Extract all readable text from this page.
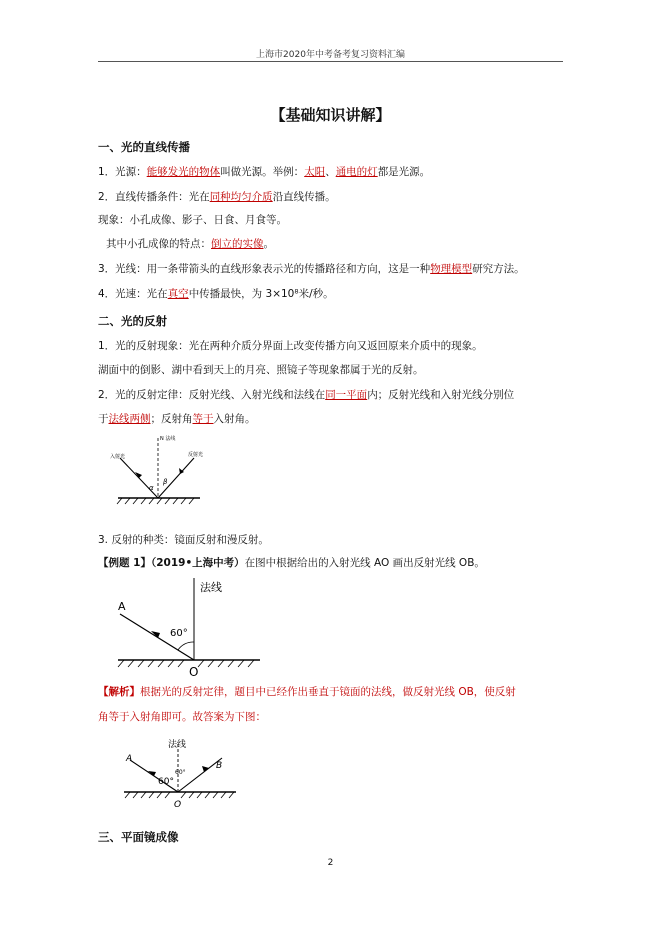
上海市2020年中考备考复习资料汇编
【基础知识讲解】
一、光的直线传播
1．光源：能够发光的物体叫做光源。举例：太阳、通电的灯都是光源。
2．直线传播条件：光在同种均匀介质沿直线传播。
现象：小孔成像、影子、日食、月食等。
其中小孔成像的特点：倒立的实像。
3．光线：用一条带箭头的直线形象表示光的传播路径和方向，这是一种物理模型研究方法。
4．光速：光在真空中传播最快，为 3×10⁸米/秒。
二、光的反射
1．光的反射现象：光在两种介质分界面上改变传播方向又返回原来介质中的现象。
湖面中的倒影、湖中看到天上的月亮、照镜子等现象都属于光的反射。
2．光的反射定律：反射光线、入射光线和法线在同一平面内；反射光线和入射光线分别位
于法线两侧；反射角等于入射角。
N 法线
入射光	反射光
α
β
3. 反射的种类：镜面反射和漫反射。
【例题 1】（2019•上海中考）在图中根据给出的入射光线 AO 画出反射光线 OB。
法线
A
60°
O
【解析】根据光的反射定律，题目中已经作出垂直于镜面的法线，做反射光线 OB，使反射
角等于入射角即可。故答案为下图：
法线
A
60°
60°
B
O
三、平面镜成像
2
